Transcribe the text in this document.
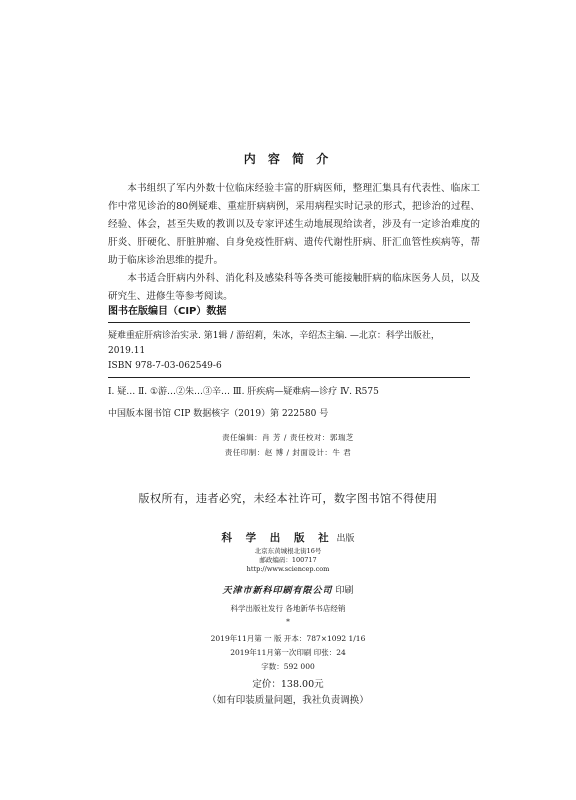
内 容 简 介

本书组织了军内外数十位临床经验丰富的肝病医师，整理汇集具有代表性、临床工作中常见诊治的80例疑难、重症肝病病例，采用病程实时记录的形式，把诊治的过程、经验、体会，甚至失败的教训以及专家评述生动地展现给读者，涉及有一定诊治难度的肝炎、肝硬化、肝脏肿瘤、自身免疫性肝病、遗传代谢性肝病、肝汇血管性疾病等，帮助于临床诊治思维的提升。

本书适合肝病内外科、消化科及感染科等各类可能接触肝病的临床医务人员，以及研究生、进修生等参考阅读。

图书在版编目（CIP）数据
疑难重症肝病诊治实录. 第1辑 / 游绍莉，朱冰，辛绍杰主编. —北京：科学出版社，2019.11
ISBN 978-7-03-062549-6
Ⅰ. 疑… Ⅱ. ①游…②朱…③辛… Ⅲ. 肝疾病—疑难病—诊疗 Ⅳ. R575
中国版本图书馆 CIP 数据核字（2019）第 222580 号
责任编辑：肖 芳 / 责任校对：郭瑞芝
责任印制：赵 博 / 封面设计：牛 君
版权所有，违者必究，未经本社许可，数字图书馆不得使用
科 学 出 版 社 出版
北京东黄城根北街16号
邮政编码：100717
http://www.sciencep.com
天津市新科印刷有限公司 印刷
科学出版社发行 各地新华书店经销
*
2019年11月第 一 版 开本：787×1092 1/16
2019年11月第一次印刷 印张：24
字数：592 000
定价：138.00元
（如有印装质量问题，我社负责调换）
